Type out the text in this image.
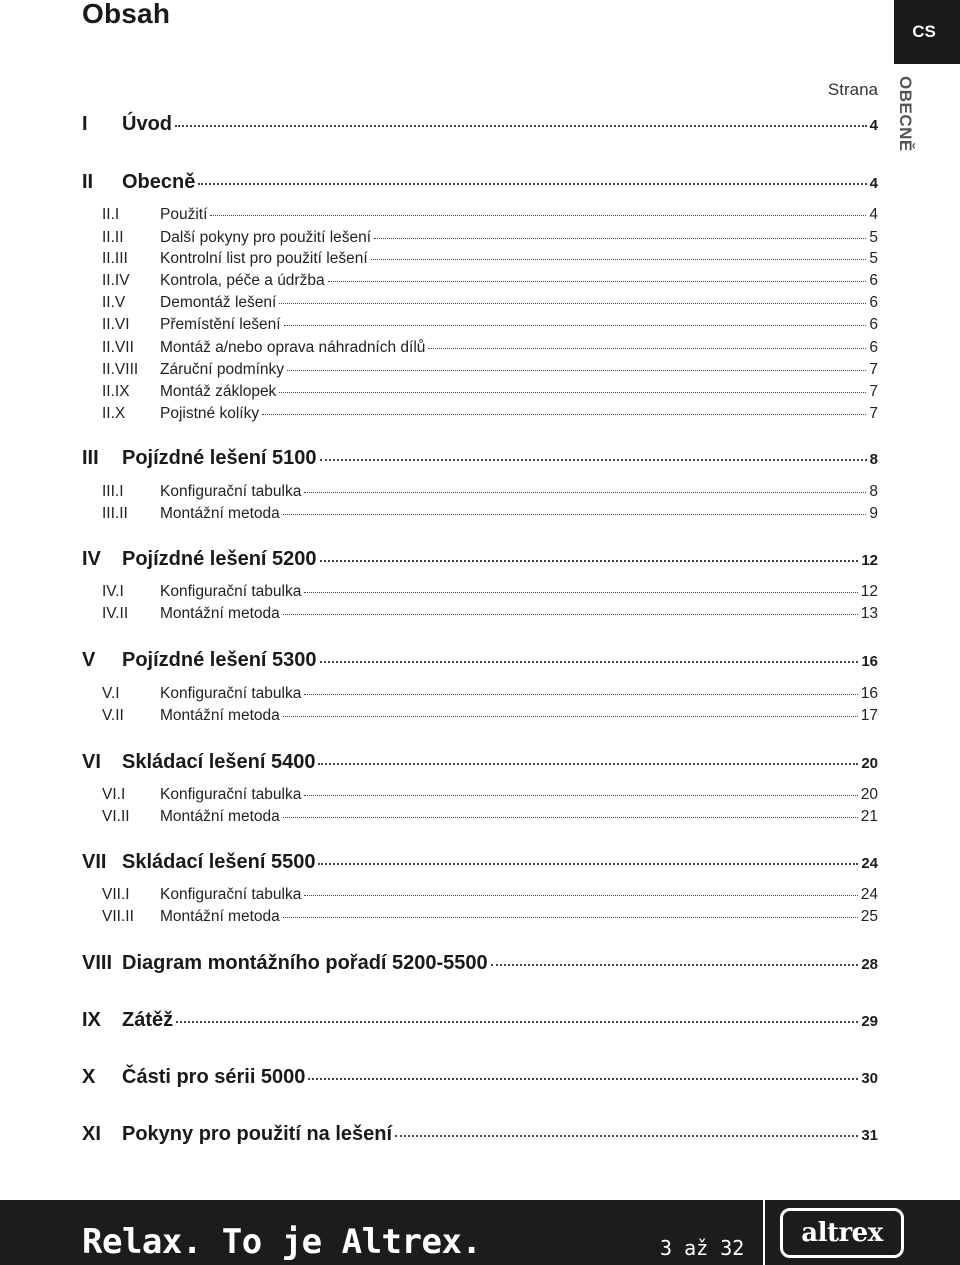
Obsah
CS
OBECNĚ
Strana
I	Úvod	4
II	Obecně	4
II.I	Použití	4
II.II	Další pokyny pro použití lešení	5
II.III	Kontrolní list pro použití lešení	5
II.IV	Kontrola, péče a údržba	6
II.V	Demontáž lešení	6
II.VI	Přemístění lešení	6
II.VII	Montáž a/nebo oprava náhradních dílů	6
II.VIII	Záruční podmínky	7
II.IX	Montáž záklopek	7
II.X	Pojistné kolíky	7
III	Pojízdné lešení 5100	8
III.I	Konfigurační tabulka	8
III.II	Montážní metoda	9
IV	Pojízdné lešení 5200	12
IV.I	Konfigurační tabulka	12
IV.II	Montážní metoda	13
V	Pojízdné lešení 5300	16
V.I	Konfigurační tabulka	16
V.II	Montážní metoda	17
VI	Skládací lešení 5400	20
VI.I	Konfigurační tabulka	20
VI.II	Montážní metoda	21
VII Skládací lešení 5500	24
VII.I	Konfigurační tabulka	24
VII.II	Montážní metoda	25
VIII Diagram montážního pořadí 5200-5500	28
IX	Zátěž	29
X	Části pro sérii 5000	30
XI	Pokyny pro použití na lešení	31
Relax. To je Altrex.	3 až 32 altrex
